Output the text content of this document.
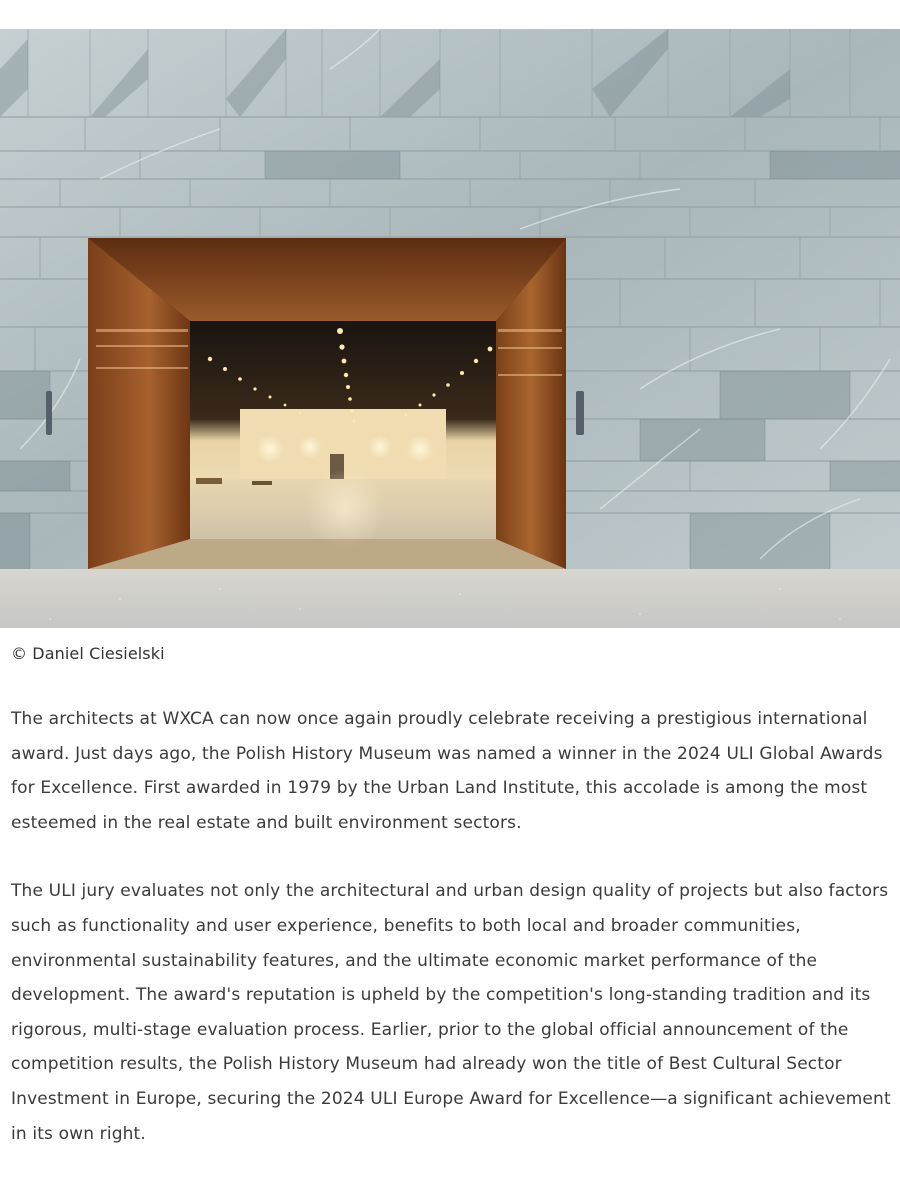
© Daniel Ciesielski

The architects at WXCA can now once again proudly celebrate receiving a prestigious international award. Just days ago, the Polish History Museum was named a winner in the 2024 ULI Global Awards for Excellence. First awarded in 1979 by the Urban Land Institute, this accolade is among the most esteemed in the real estate and built environment sectors.

The ULI jury evaluates not only the architectural and urban design quality of projects but also factors such as functionality and user experience, benefits to both local and broader communities, environmental sustainability features, and the ultimate economic market performance of the development. The award's reputation is upheld by the competition's long-standing tradition and its rigorous, multi-stage evaluation process. Earlier, prior to the global official announcement of the competition results, the Polish History Museum had already won the title of Best Cultural Sector Investment in Europe, securing the 2024 ULI Europe Award for Excellence—a significant achievement in its own right.
